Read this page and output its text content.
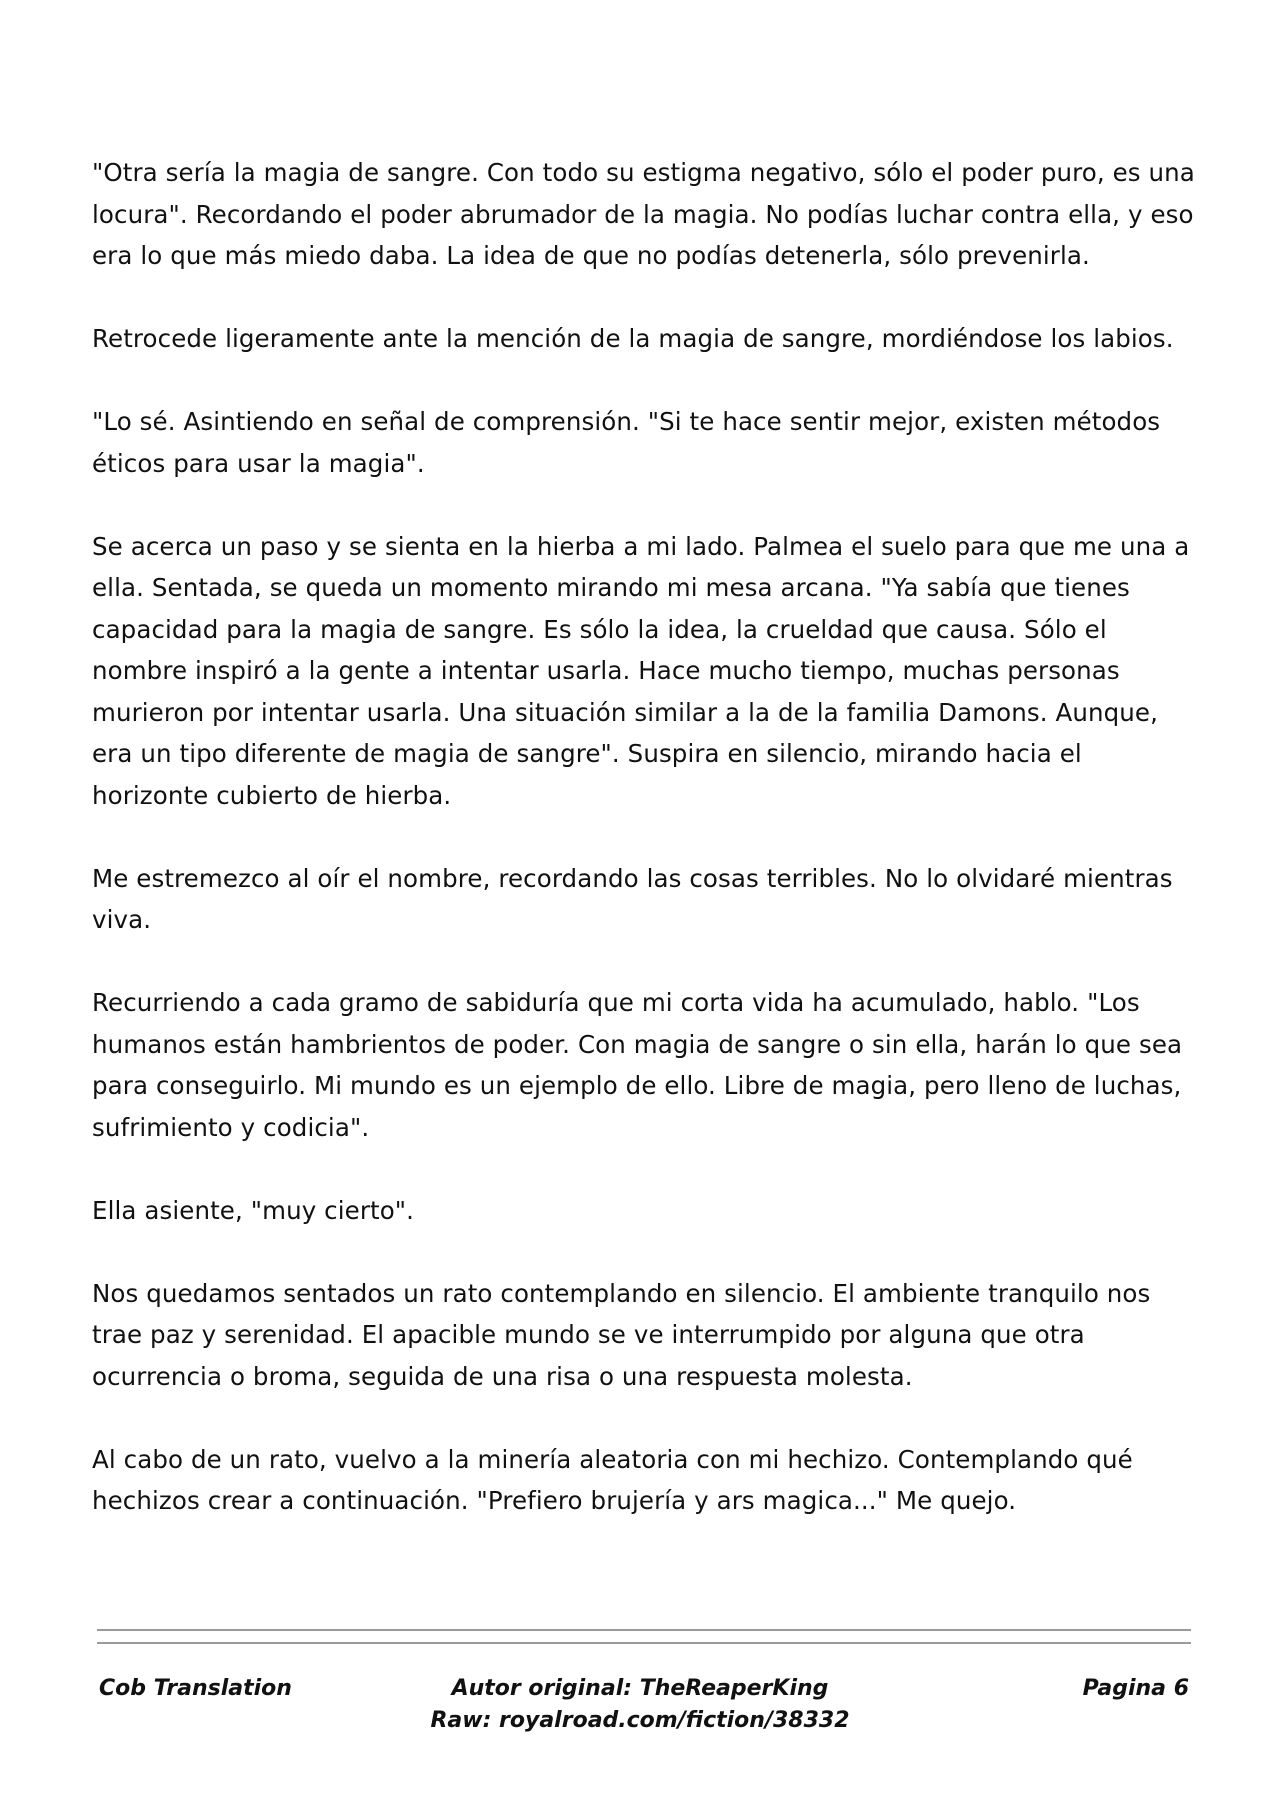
"Otra sería la magia de sangre. Con todo su estigma negativo, sólo el poder puro, es una locura". Recordando el poder abrumador de la magia. No podías luchar contra ella, y eso era lo que más miedo daba. La idea de que no podías detenerla, sólo prevenirla.

Retrocede ligeramente ante la mención de la magia de sangre, mordiéndose los labios.

"Lo sé. Asintiendo en señal de comprensión. "Si te hace sentir mejor, existen métodos éticos para usar la magia".

Se acerca un paso y se sienta en la hierba a mi lado. Palmea el suelo para que me una a ella. Sentada, se queda un momento mirando mi mesa arcana. "Ya sabía que tienes capacidad para la magia de sangre. Es sólo la idea, la crueldad que causa. Sólo el nombre inspiró a la gente a intentar usarla. Hace mucho tiempo, muchas personas murieron por intentar usarla. Una situación similar a la de la familia Damons. Aunque, era un tipo diferente de magia de sangre". Suspira en silencio, mirando hacia el horizonte cubierto de hierba.

Me estremezco al oír el nombre, recordando las cosas terribles. No lo olvidaré mientras viva.

Recurriendo a cada gramo de sabiduría que mi corta vida ha acumulado, hablo. "Los humanos están hambrientos de poder. Con magia de sangre o sin ella, harán lo que sea para conseguirlo. Mi mundo es un ejemplo de ello. Libre de magia, pero lleno de luchas, sufrimiento y codicia".

Ella asiente, "muy cierto".

Nos quedamos sentados un rato contemplando en silencio. El ambiente tranquilo nos trae paz y serenidad. El apacible mundo se ve interrumpido por alguna que otra ocurrencia o broma, seguida de una risa o una respuesta molesta.

Al cabo de un rato, vuelvo a la minería aleatoria con mi hechizo. Contemplando qué hechizos crear a continuación. "Prefiero brujería y ars magica..." Me quejo.

Cob Translation	Autor original: TheReaperKing
Raw: royalroad.com/fiction/38332
Pagina 6
